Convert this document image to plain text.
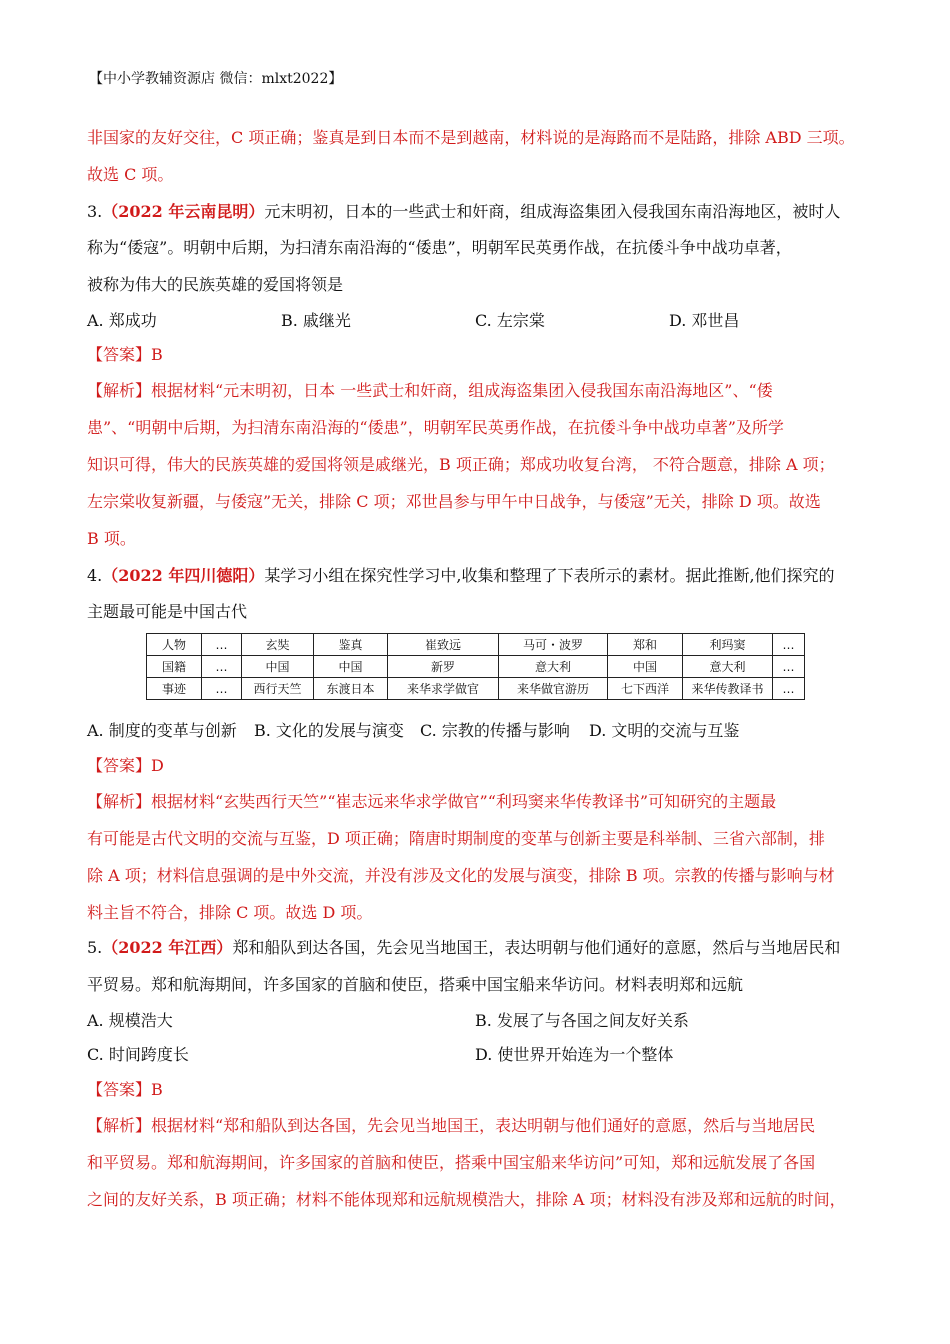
【中小学教辅资源店 微信：mlxt2022】
非国家的友好交往，C 项正确；鉴真是到日本而不是到越南，材料说的是海路而不是陆路，排除 ABD 三项。
故选 C 项。
3.（2022 年云南昆明）元末明初，日本的一些武士和奸商，组成海盗集团入侵我国东南沿海地区，被时人
称为“倭寇”。明朝中后期，为扫清东南沿海的“倭患”，明朝军民英勇作战，在抗倭斗争中战功卓著，
被称为伟大的民族英雄的爱国将领是
A. 郑成功	B. 戚继光	C. 左宗棠	D. 邓世昌
【答案】B
【解析】根据材料“元末明初，日本 一些武士和奸商，组成海盗集团入侵我国东南沿海地区”、“倭
患”、“明朝中后期，为扫清东南沿海的“倭患”，明朝军民英勇作战，在抗倭斗争中战功卓著”及所学
知识可得，伟大的民族英雄的爱国将领是戚继光，B 项正确；郑成功收复台湾， 不符合题意，排除 A 项；
左宗棠收复新疆，与倭寇”无关，排除 C 项；邓世昌参与甲午中日战争，与倭寇”无关，排除 D 项。故选
B 项。
4.（2022 年四川德阳）某学习小组在探究性学习中,收集和整理了下表所示的素材。据此推断,他们探究的
主题最可能是中国古代
人物	…	玄奘	鉴真	崔致远	马可・波罗	郑和	利玛窦	…
国籍	…	中国	中国	新罗	意大利	中国	意大利	…
事迹	…	西行天竺	东渡日本	来华求学做官	来华做官游历	七下西洋	来华传教译书	…
A. 制度的变革与创新 B. 文化的发展与演变 C. 宗教的传播与影响 D. 文明的交流与互鉴
【答案】D
【解析】根据材料“玄奘西行天竺”“崔志远来华求学做官”“利玛窦来华传教译书”可知研究的主题最
有可能是古代文明的交流与互鉴，D 项正确；隋唐时期制度的变革与创新主要是科举制、三省六部制，排
除 A 项；材料信息强调的是中外交流，并没有涉及文化的发展与演变，排除 B 项。宗教的传播与影响与材
料主旨不符合，排除 C 项。故选 D 项。
5.（2022 年江西）郑和船队到达各国，先会见当地国王，表达明朝与他们通好的意愿，然后与当地居民和
平贸易。郑和航海期间，许多国家的首脑和使臣，搭乘中国宝船来华访问。材料表明郑和远航
A. 规模浩大	B. 发展了与各国之间友好关系
C. 时间跨度长	D. 使世界开始连为一个整体
【答案】B
【解析】根据材料“郑和船队到达各国，先会见当地国王，表达明朝与他们通好的意愿，然后与当地居民
和平贸易。郑和航海期间，许多国家的首脑和使臣，搭乘中国宝船来华访问”可知，郑和远航发展了各国
之间的友好关系，B 项正确；材料不能体现郑和远航规模浩大，排除 A 项；材料没有涉及郑和远航的时间，
